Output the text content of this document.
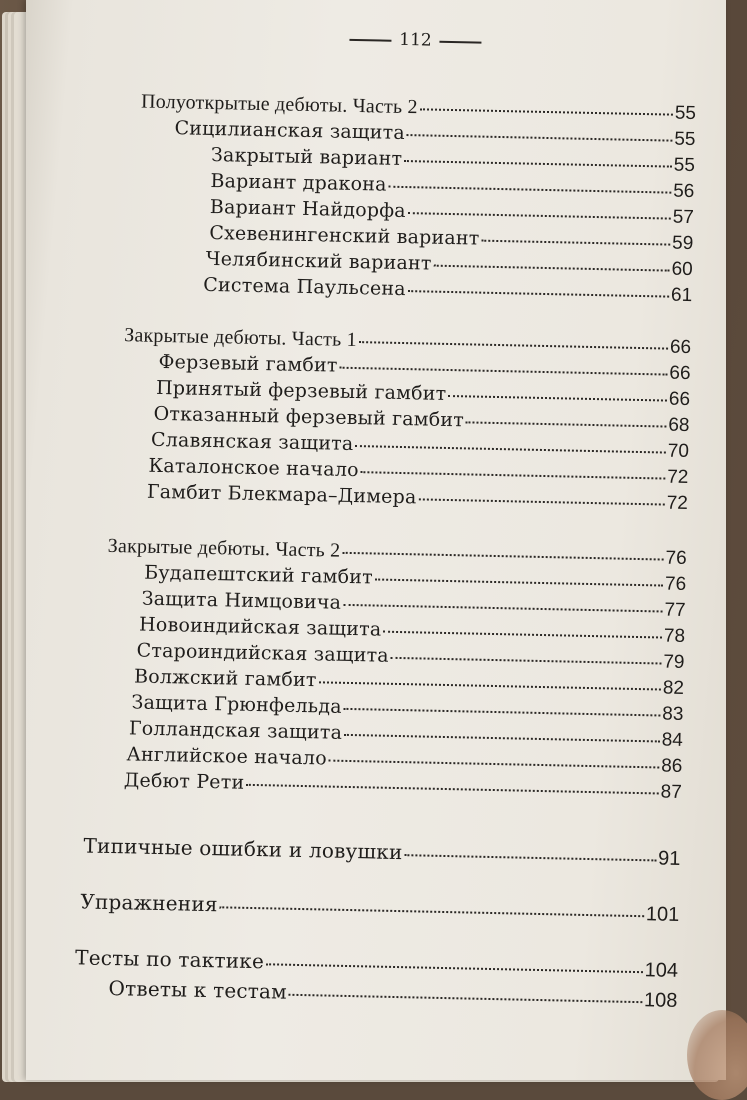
112
Полуоткрытые дебюты. Часть 2	55
Сицилианская защита	55
Закрытый вариант	55
Вариант дракона	56
Вариант Найдорфа	57
Схевенингенский вариант	59
Челябинский вариант	60
Система Паульсена	61
Закрытые дебюты. Часть 1	66
Ферзевый гамбит	66
Принятый ферзевый гамбит	66
Отказанный ферзевый гамбит	68
Славянская защита	70
Каталонское начало	72
Гамбит Блекмара–Димера	72
Закрытые дебюты. Часть 2	76
Будапештский гамбит	76
Защита Нимцовича	77
Новоиндийская защита	78
Староиндийская защита	79
Волжский гамбит	82
Защита Грюнфельда	83
Голландская защита	84
Английское начало	86
Дебют Рети	87
Типичные ошибки и ловушки	91
Упражнения	101
Тесты по тактике	104
Ответы к тестам	108
